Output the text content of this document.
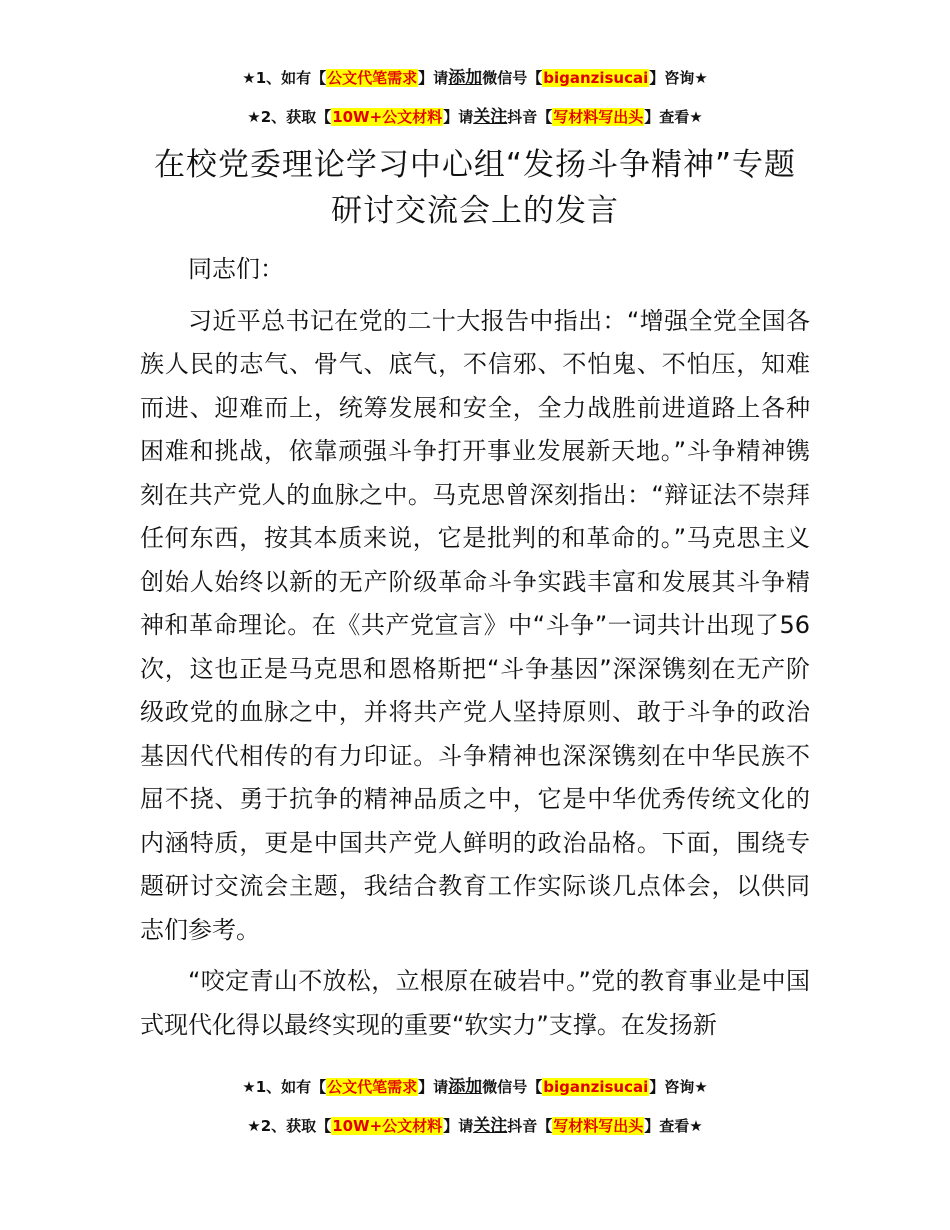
★1、如有【公文代笔需求】请添加微信号【biganzisucai】咨询★
★2、获取【10W+公文材料】请关注抖音【写材料写出头】查看★
在校党委理论学习中心组“发扬斗争精神”专题研讨交流会上的发言

同志们：

习近平总书记在党的二十大报告中指出：“增强全党全国各族人民的志气、骨气、底气，不信邪、不怕鬼、不怕压，知难而进、迎难而上，统筹发展和安全，全力战胜前进道路上各种困难和挑战，依靠顽强斗争打开事业发展新天地。”斗争精神镌刻在共产党人的血脉之中。马克思曾深刻指出：“辩证法不崇拜任何东西，按其本质来说，它是批判的和革命的。”马克思主义创始人始终以新的无产阶级革命斗争实践丰富和发展其斗争精神和革命理论。在《共产党宣言》中“斗争”一词共计出现了56次，这也正是马克思和恩格斯把“斗争基因”深深镌刻在无产阶级政党的血脉之中，并将共产党人坚持原则、敢于斗争的政治基因代代相传的有力印证。斗争精神也深深镌刻在中华民族不屈不挠、勇于抗争的精神品质之中，它是中华优秀传统文化的内涵特质，更是中国共产党人鲜明的政治品格。下面，围绕专题研讨交流会主题，我结合教育工作实际谈几点体会，以供同志们参考。

“咬定青山不放松，立根原在破岩中。”党的教育事业是中国式现代化得以最终实现的重要“软实力”支撑。在发扬新

★1、如有【公文代笔需求】请添加微信号【biganzisucai】咨询★
★2、获取【10W+公文材料】请关注抖音【写材料写出头】查看★
